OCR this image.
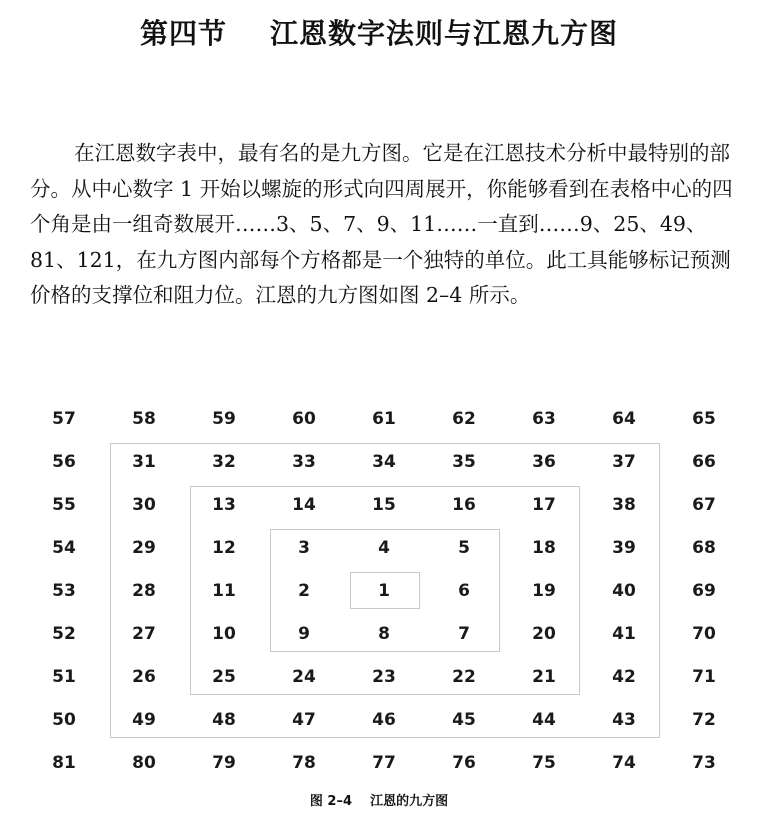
第四节    江恩数字法则与江恩九方图

在江恩数字表中，最有名的是九方图。它是在江恩技术分析中最特别的部分。从中心数字 1 开始以螺旋的形式向四周展开，你能够看到在表格中心的四个角是由一组奇数展开……3、5、7、9、11……一直到……9、25、49、81、121，在九方图内部每个方格都是一个独特的单位。此工具能够标记预测价格的支撑位和阻力位。江恩的九方图如图 2–4 所示。

57	58	59	60	61	62	63	64	65
56	31	32	33	34	35	36	37	66
55	30	13	14	15	16	17	38	67
54	29	12	3	4	5	18	39	68
53	28	11	2	1	6	19	40	69
52	27	10	9	8	7	20	41	70
51	26	25	24	23	22	21	42	71
50	49	48	47	46	45	44	43	72
81	80	79	78	77	76	75	74	73
图 2–4    江恩的九方图
